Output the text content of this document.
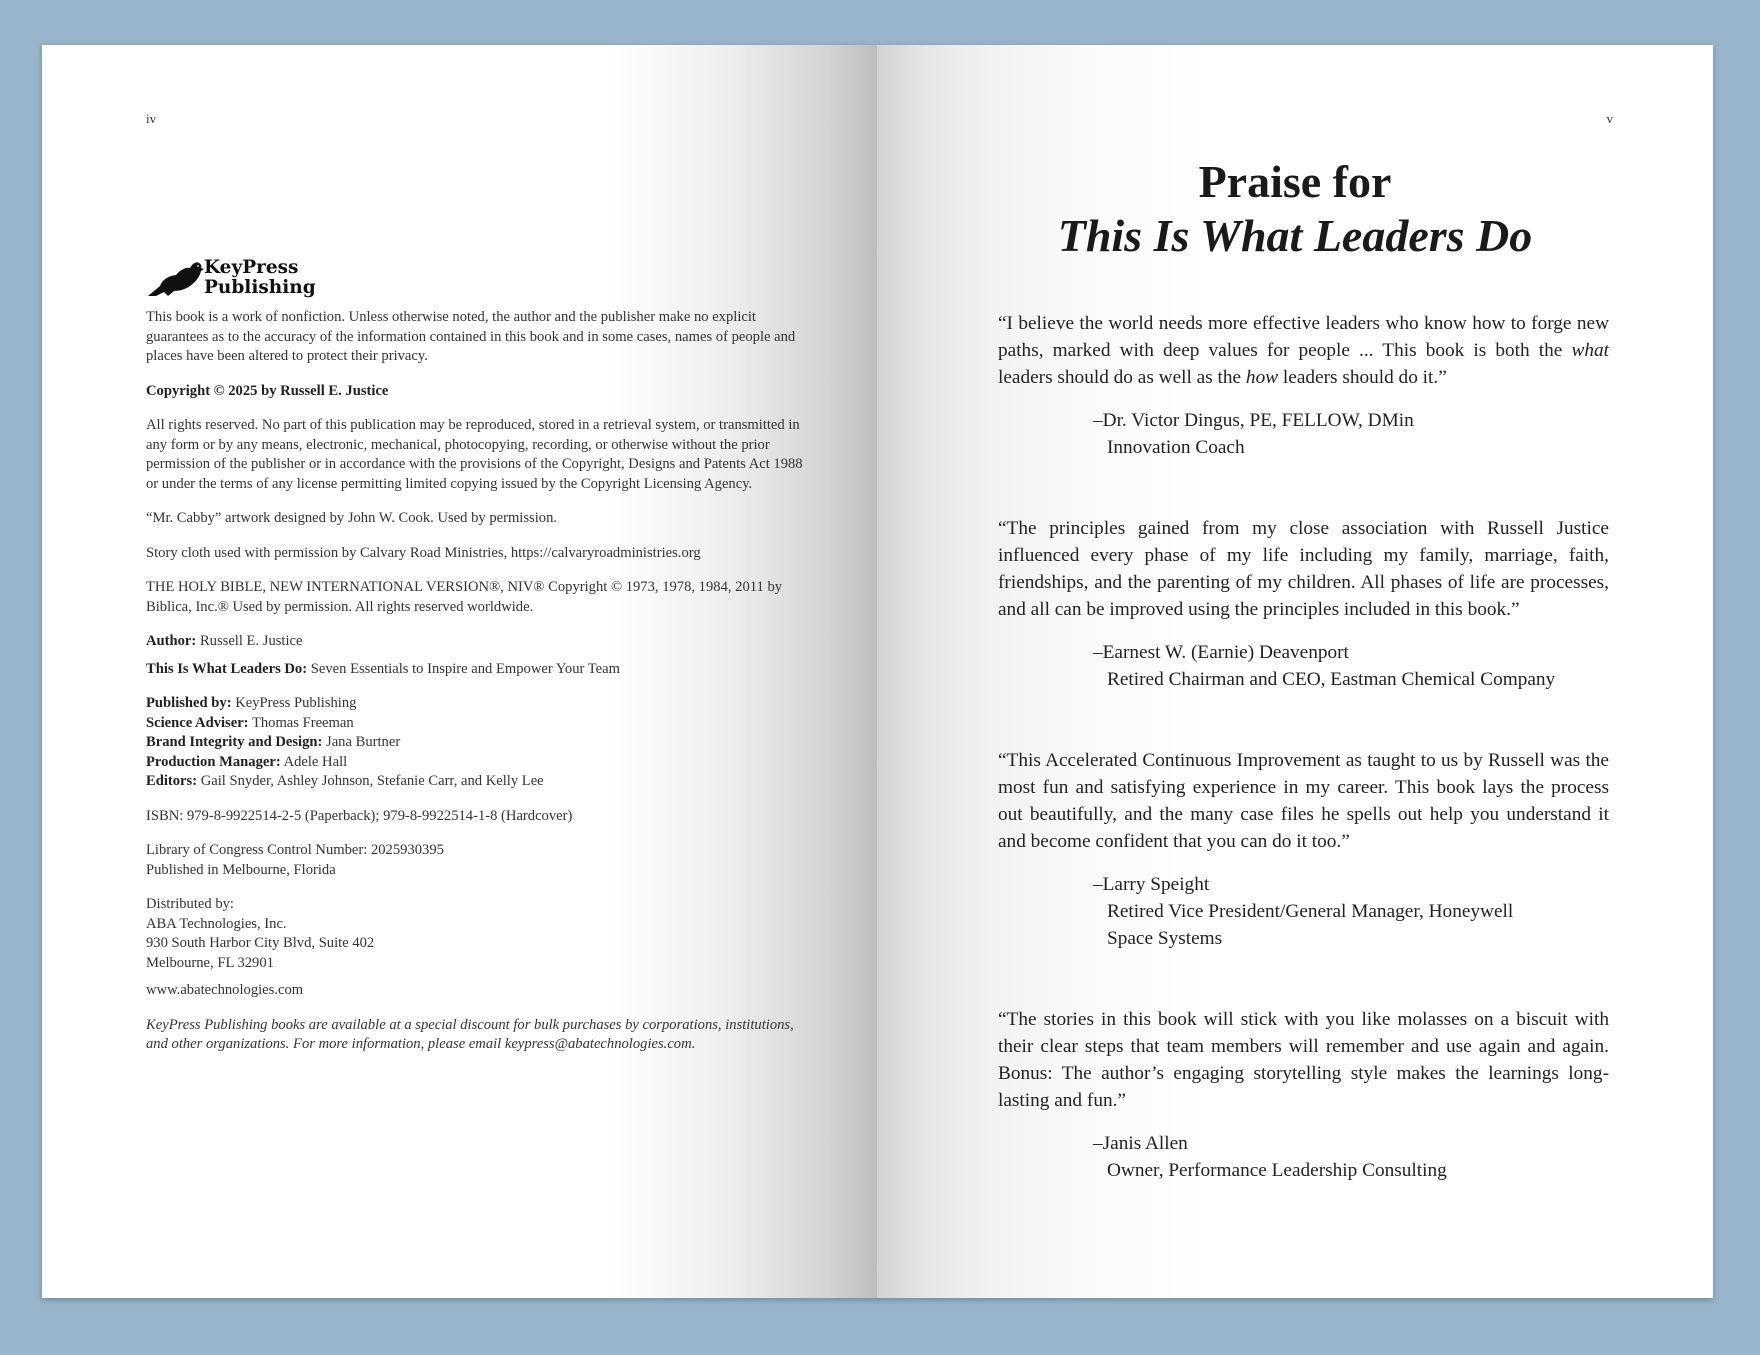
iv
KeyPress
Publishing

This book is a work of nonfiction. Unless otherwise noted, the author and the publisher make no explicit guarantees as to the accuracy of the information contained in this book and in some cases, names of people and places have been altered to protect their privacy.

Copyright © 2025 by Russell E. Justice

All rights reserved. No part of this publication may be reproduced, stored in a retrieval system, or transmitted in any form or by any means, electronic, mechanical, photocopying, recording, or otherwise without the prior permission of the publisher or in accordance with the provisions of the Copyright, Designs and Patents Act 1988 or under the terms of any license permitting limited copying issued by the Copyright Licensing Agency.

“Mr. Cabby” artwork designed by John W. Cook. Used by permission.

Story cloth used with permission by Calvary Road Ministries, https://calvaryroadministries.org

THE HOLY BIBLE, NEW INTERNATIONAL VERSION®, NIV® Copyright © 1973, 1978, 1984, 2011 by Biblica, Inc.® Used by permission. All rights reserved worldwide.

Author: Russell E. Justice

This Is What Leaders Do: Seven Essentials to Inspire and Empower Your Team

Published by: KeyPress Publishing
Science Adviser: Thomas Freeman
Brand Integrity and Design: Jana Burtner
Production Manager: Adele Hall
Editors: Gail Snyder, Ashley Johnson, Stefanie Carr, and Kelly Lee

ISBN: 979-8-9922514-2-5 (Paperback); 979-8-9922514-1-8 (Hardcover)

Library of Congress Control Number: 2025930395
Published in Melbourne, Florida

Distributed by:
ABA Technologies, Inc.
930 South Harbor City Blvd, Suite 402
Melbourne, FL 32901

www.abatechnologies.com

KeyPress Publishing books are available at a special discount for bulk purchases by corporations, institutions, and other organizations. For more information, please email keypress@abatechnologies.com.

v
Praise for
This Is What Leaders Do

“I believe the world needs more effective leaders who know how to forge new paths, marked with deep values for people ... This book is both the what leaders should do as well as the how leaders should do it.”

–Dr. Victor Dingus, PE, FELLOW, DMin
Innovation Coach

“The principles gained from my close association with Russell Justice influenced every phase of my life including my family, marriage, faith, friendships, and the parenting of my children. All phases of life are processes, and all can be improved using the principles included in this book.”

–Earnest W. (Earnie) Deavenport
Retired Chairman and CEO, Eastman Chemical Company

“This Accelerated Continuous Improvement as taught to us by Russell was the most fun and satisfying experience in my career. This book lays the process out beautifully, and the many case files he spells out help you understand it and become confident that you can do it too.”

–Larry Speight
Retired Vice President/General Manager, Honeywell
Space Systems

“The stories in this book will stick with you like molasses on a biscuit with their clear steps that team members will remember and use again and again. Bonus: The author’s engaging storytelling style makes the learnings long-lasting and fun.”

–Janis Allen
Owner, Performance Leadership Consulting
